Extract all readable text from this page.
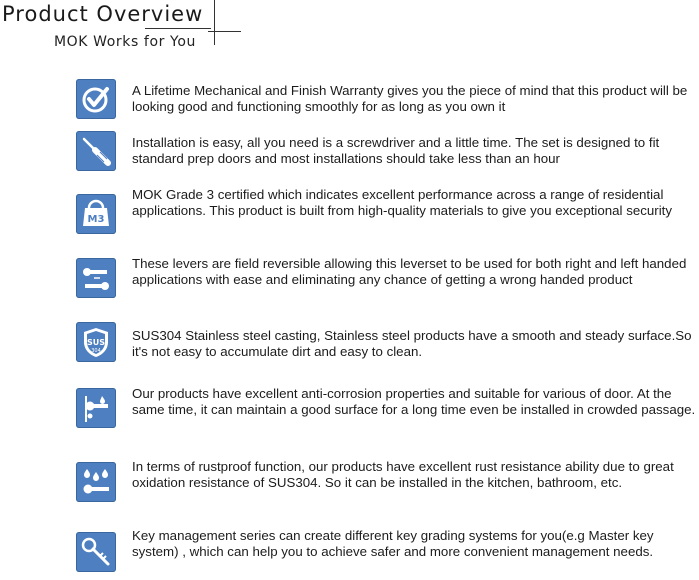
Product Overview

MOK Works for You

A Lifetime Mechanical and Finish Warranty gives you the piece of mind that this product will be looking good and functioning smoothly for as long as you own it

Installation is easy, all you need is a screwdriver and a little time. The set is designed to fit standard prep doors and most installations should take less than an hour

M3

MOK Grade 3 certified which indicates excellent performance across a range of residential applications. This product is built from high-quality materials to give you exceptional security

These levers are field reversible allowing this leverset to be used for both right and left handed applications with ease and eliminating any chance of getting a wrong handed product

SUS
304

SUS304 Stainless steel casting, Stainless steel products have a smooth and steady surface.So it's not easy to accumulate dirt and easy to clean.

Our products have excellent anti-corrosion properties and suitable for various of door. At the same time, it can maintain a good surface for a long time even be installed in crowded passage.

In terms of rustproof function, our products have excellent rust resistance ability due to great oxidation resistance of SUS304. So it can be installed in the kitchen, bathroom, etc.

Key management series can create different key grading systems for you(e.g Master key system) , which can help you to achieve safer and more convenient management needs.
